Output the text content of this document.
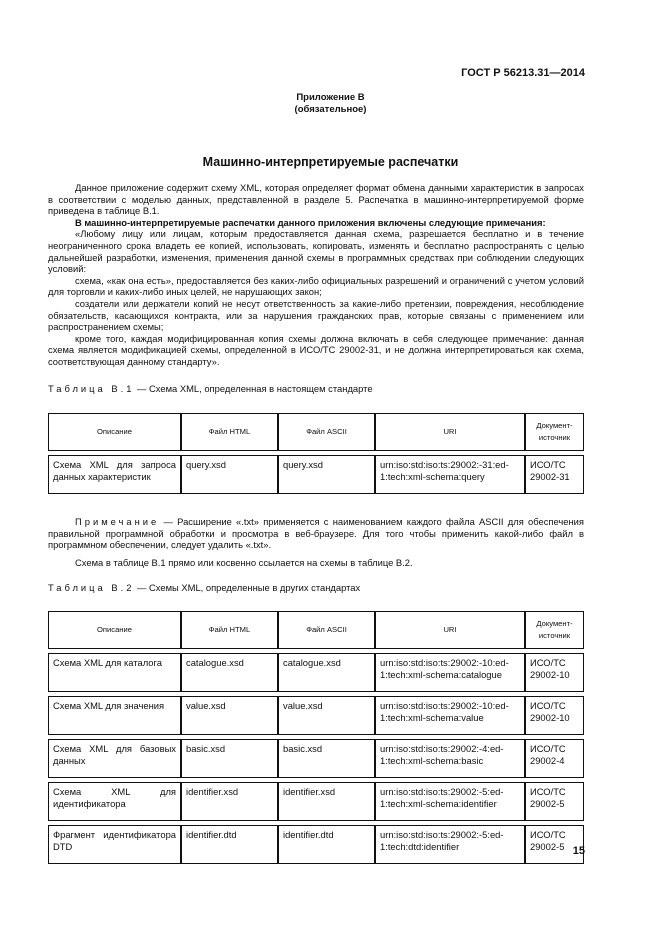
ГОСТ Р 56213.31—2014
Приложение В
(обязательное)
Машинно-интерпретируемые распечатки

Данное приложение содержит схему XML, которая определяет формат обмена данными характеристик в запросах в соответствии с моделью данных, представленной в разделе 5. Распечатка в машинно-интерпретируемой форме приведена в таблице В.1.

В машинно-интерпретируемые распечатки данного приложения включены следующие примечания:

«Любому лицу или лицам, которым предоставляется данная схема, разрешается бесплатно и в течение неограниченного срока владеть ее копией, использовать, копировать, изменять и бесплатно распространять с целью дальнейшей разработки, изменения, применения данной схемы в программных средствах при соблюдении следующих условий:

схема, «как она есть», предоставляется без каких-либо официальных разрешений и ограничений с учетом условий для торговли и каких-либо иных целей, не нарушающих закон;

создатели или держатели копий не несут ответственность за какие-либо претензии, повреждения, несоблюдение обязательств, касающихся контракта, или за нарушения гражданских прав, которые связаны с применением или распространением схемы;

кроме того, каждая модифицированная копия схемы должна включать в себя следующее примечание: данная схема является модификацией схемы, определенной в ИСО/ТС 29002-31, и не должна интерпретироваться как схема, соответствующая данному стандарту».

Таблица В.1 — Схема XML, определенная в настоящем стандарте
Описание	Файл HTML	Файл ASCII	URI	Документ-источник

Схема XML для запроса данных характеристик	query.xsd	query.xsd	urn:iso:std:iso:ts:29002:-31:ed-1:tech:xml-schema:query	ИСО/ТС 29002-31

Примечание — Расширение «.txt» применяется с наименованием каждого файла ASCII для обеспечения правильной программной обработки и просмотра в веб-браузере. Для того чтобы применить какой-либо файл в программном обеспечении, следует удалить «.txt».

Схема в таблице В.1 прямо или косвенно ссылается на схемы в таблице В.2.

Таблица В.2 — Схемы XML, определенные в других стандартах
Описание	Файл HTML	Файл ASCII	URI	Документ-источник

Схема XML для каталога	catalogue.xsd	catalogue.xsd	urn:iso:std:iso:ts:29002:-10:ed-1:tech:xml-schema:catalogue	ИСО/ТС 29002-10

Схема XML для значения	value.xsd	value.xsd	urn:iso:std:iso:ts:29002:-10:ed-1:tech:xml-schema:value	ИСО/ТС 29002-10

Схема XML для базовых данных	basic.xsd	basic.xsd	urn:iso:std:iso:ts:29002:-4:ed-1:tech:xml-schema:basic	ИСО/ТС 29002-4

Схема XML для идентификатора	identifier.xsd	identifier.xsd	urn:iso:std:iso:ts:29002:-5:ed-1:tech:xml-schema:identifier	ИСО/ТС 29002-5

Фрагмент идентификатора DTD	identifier.dtd	identifier.dtd	urn:iso:std:iso:ts:29002:-5:ed-1:tech:dtd:identifier	ИСО/ТС 29002-5 15
